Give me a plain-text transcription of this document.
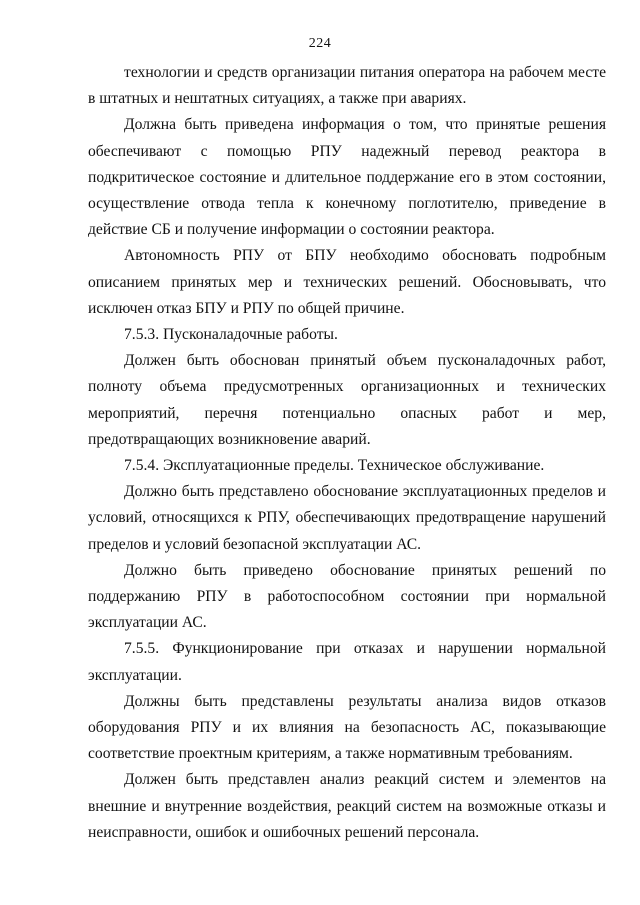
224

технологии и средств организации питания оператора на рабочем месте в штатных и нештатных ситуациях, а также при авариях.

Должна быть приведена информация о том, что принятые решения обеспечивают с помощью РПУ надежный перевод реактора в подкритическое состояние и длительное поддержание его в этом состоянии, осуществление отвода тепла к конечному поглотителю, приведение в действие СБ и получение информации о состоянии реактора.

Автономность РПУ от БПУ необходимо обосновать подробным описанием принятых мер и технических решений. Обосновывать, что исключен отказ БПУ и РПУ по общей причине.

7.5.3. Пусконаладочные работы.

Должен быть обоснован принятый объем пусконаладочных работ, полноту объема предусмотренных организационных и технических мероприятий, перечня потенциально опасных работ и мер, предотвращающих возникновение аварий.

7.5.4. Эксплуатационные пределы. Техническое обслуживание.

Должно быть представлено обоснование эксплуатационных пределов и условий, относящихся к РПУ, обеспечивающих предотвращение нарушений пределов и условий безопасной эксплуатации АС.

Должно быть приведено обоснование принятых решений по поддержанию РПУ в работоспособном состоянии при нормальной эксплуатации АС.

7.5.5. Функционирование при отказах и нарушении нормальной эксплуатации.

Должны быть представлены результаты анализа видов отказов оборудования РПУ и их влияния на безопасность АС, показывающие соответствие проектным критериям, а также нормативным требованиям.

Должен быть представлен анализ реакций систем и элементов на внешние и внутренние воздействия, реакций систем на возможные отказы и неисправности, ошибок и ошибочных решений персонала.
